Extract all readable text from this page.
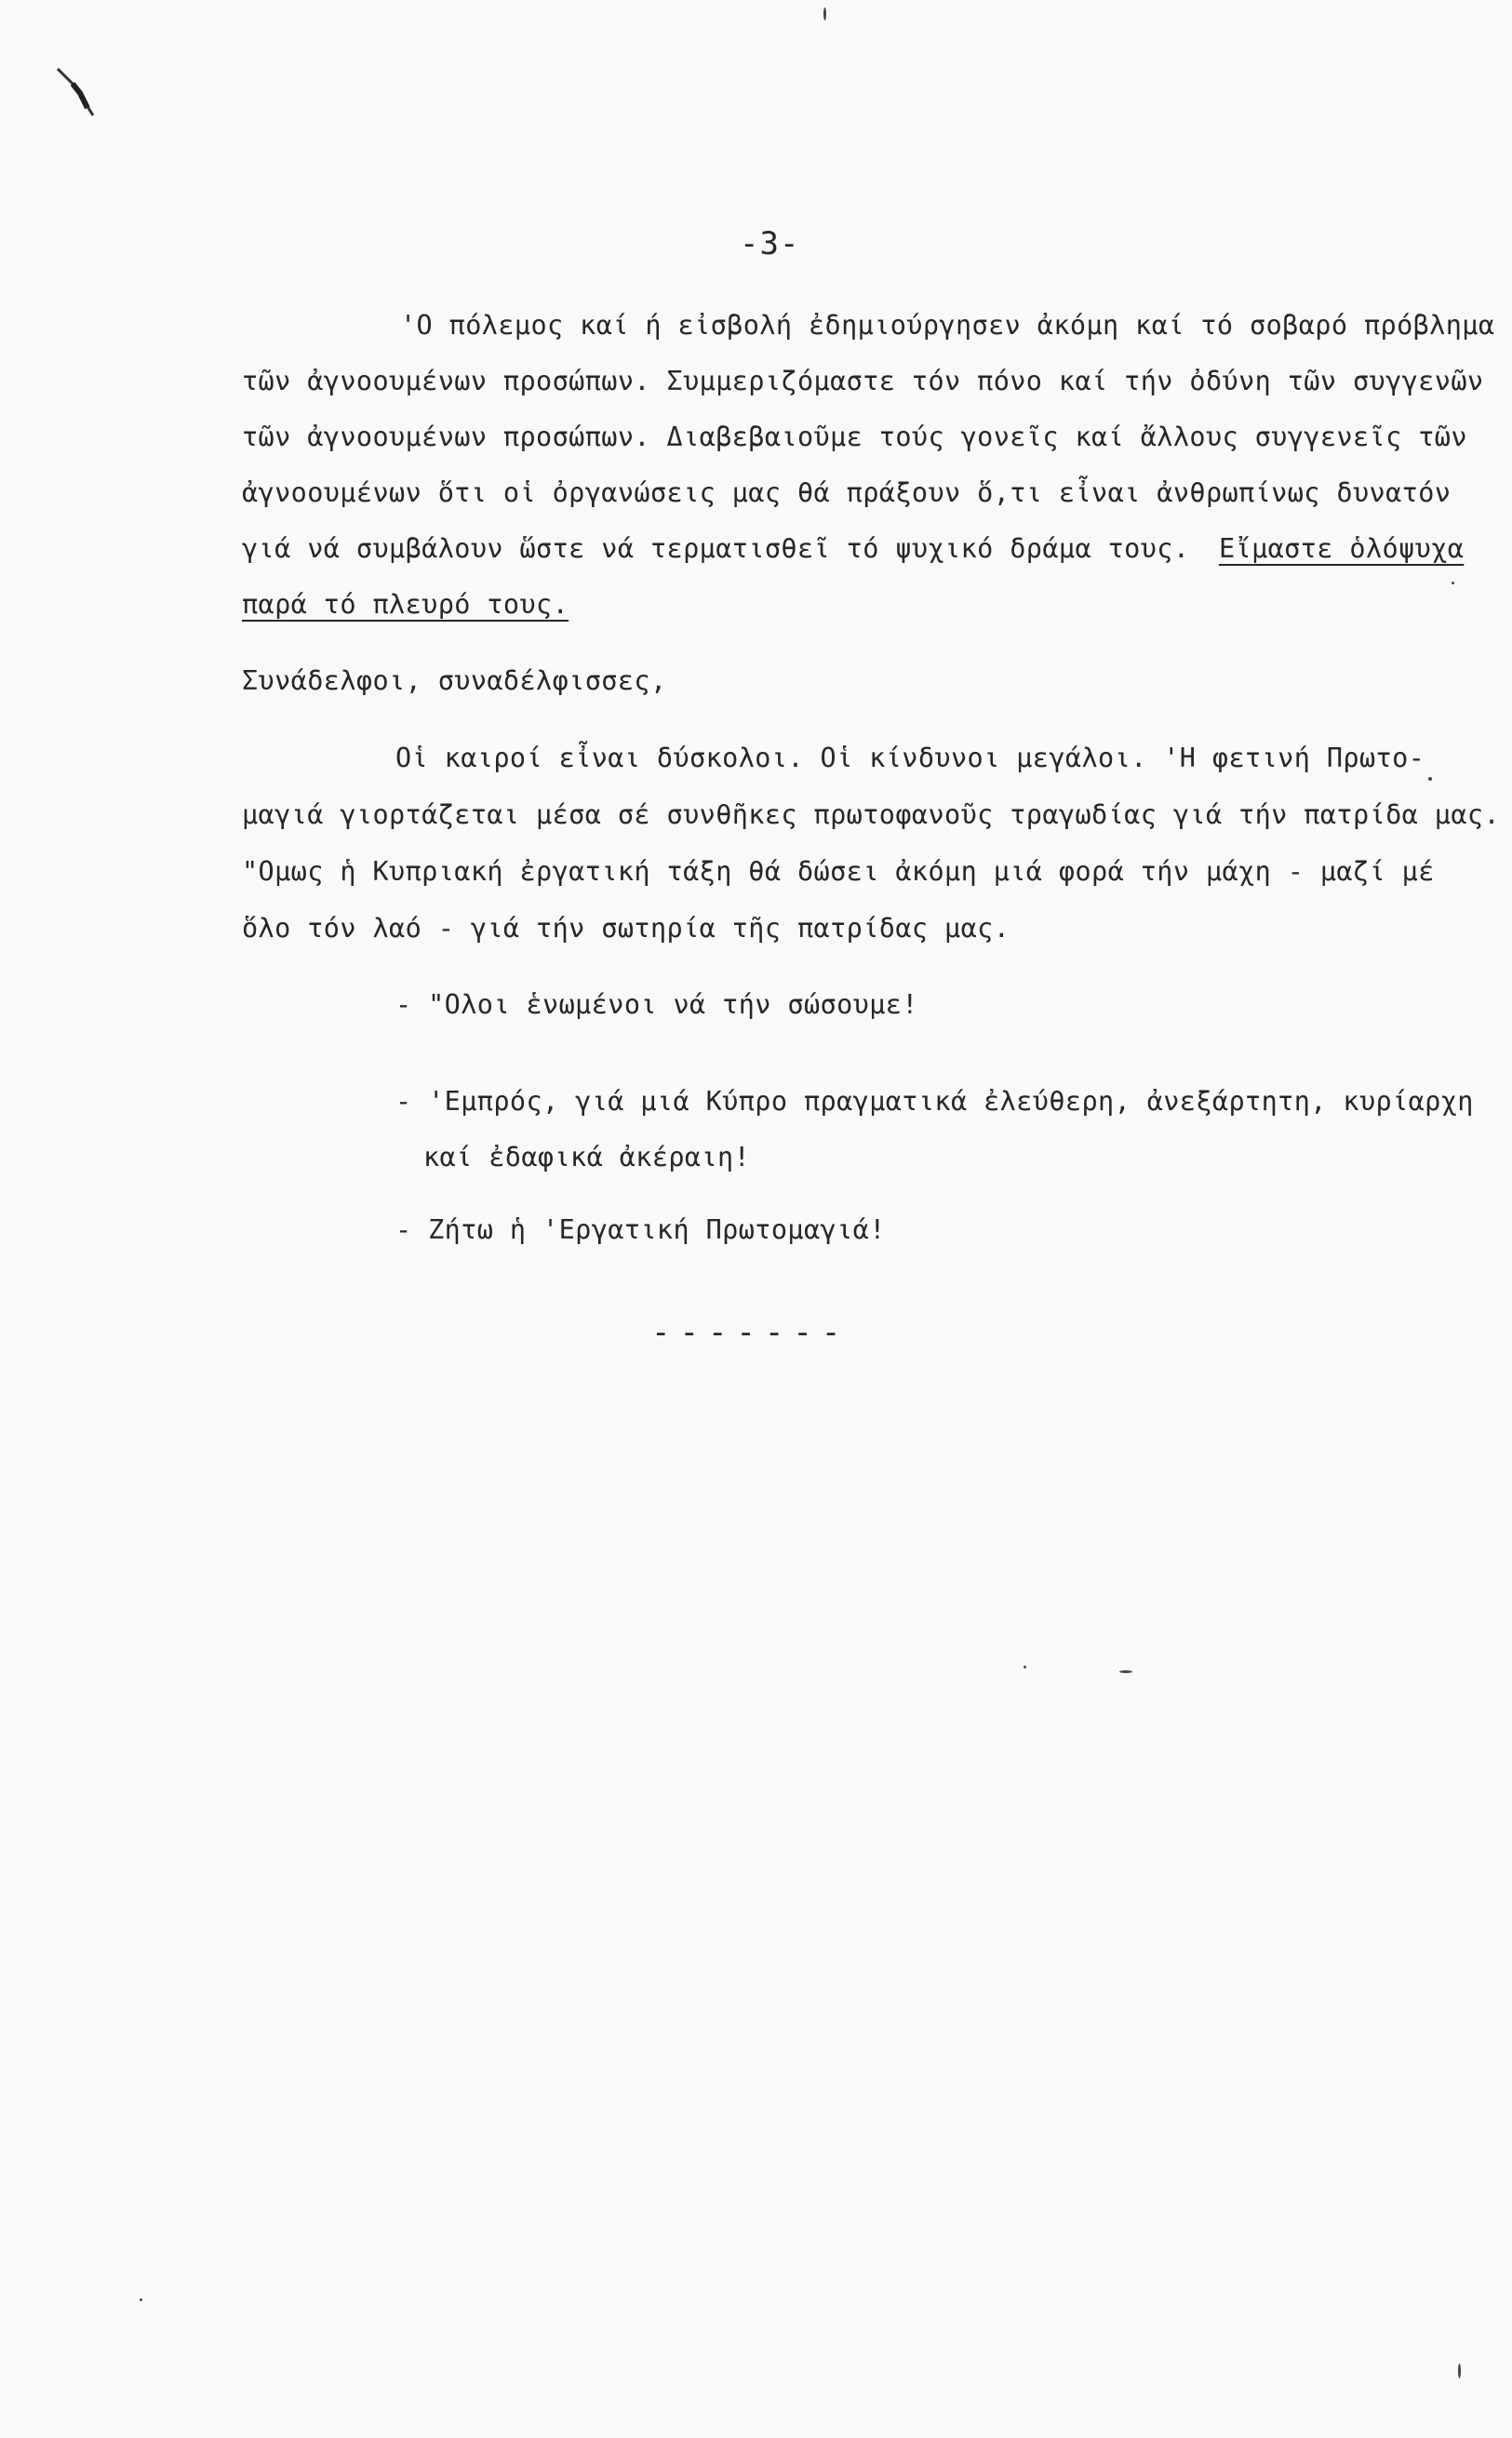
-3-
'Ο πόλεμος καί ή εἰσβολή ἐδημιούργησεν ἀκόμη καί τό σοβαρό πρόβλημα
τῶν ἀγνοουμένων προσώπων. Συμμεριζόμαστε τόν πόνο καί τήν ὀδύνη τῶν συγγενῶν
τῶν ἀγνοουμένων προσώπων. Διαβεβαιοῦμε τούς γονεῖς καί ἄλλους συγγενεῖς τῶν
ἀγνοουμένων ὅτι οἱ ὀργανώσεις μας θά πράξουν ὅ,τι εἶναι ἀνθρωπίνως δυνατόν
γιά νά συμβάλουν ὥστε νά τερματισθεῖ τό ψυχικό δράμα τους. Εἴμαστε ὁλόψυχα
παρά τό πλευρό τους.
Συνάδελφοι, συναδέλφισσες,
Οἱ καιροί εἶναι δύσκολοι. Οἱ κίνδυνοι μεγάλοι. 'Η φετινή Πρωτο-
μαγιά γιορτάζεται μέσα σέ συνθῆκες πρωτοφανοῦς τραγωδίας γιά τήν πατρίδα μας.
"Ομως ἡ Κυπριακή ἐργατική τάξη θά δώσει ἀκόμη μιά φορά τήν μάχη - μαζί μέ
ὅλο τόν λαό - γιά τήν σωτηρία τῆς πατρίδας μας.
- "Ολοι ἑνωμένοι νά τήν σώσουμε!
- 'Εμπρός, γιά μιά Κύπρο πραγματικά ἐλεύθερη, ἀνεξάρτητη, κυρίαρχη
καί ἐδαφικά ἀκέραιη!
- Ζήτω ἡ 'Εργατική Πρωτομαγιά!
-------
